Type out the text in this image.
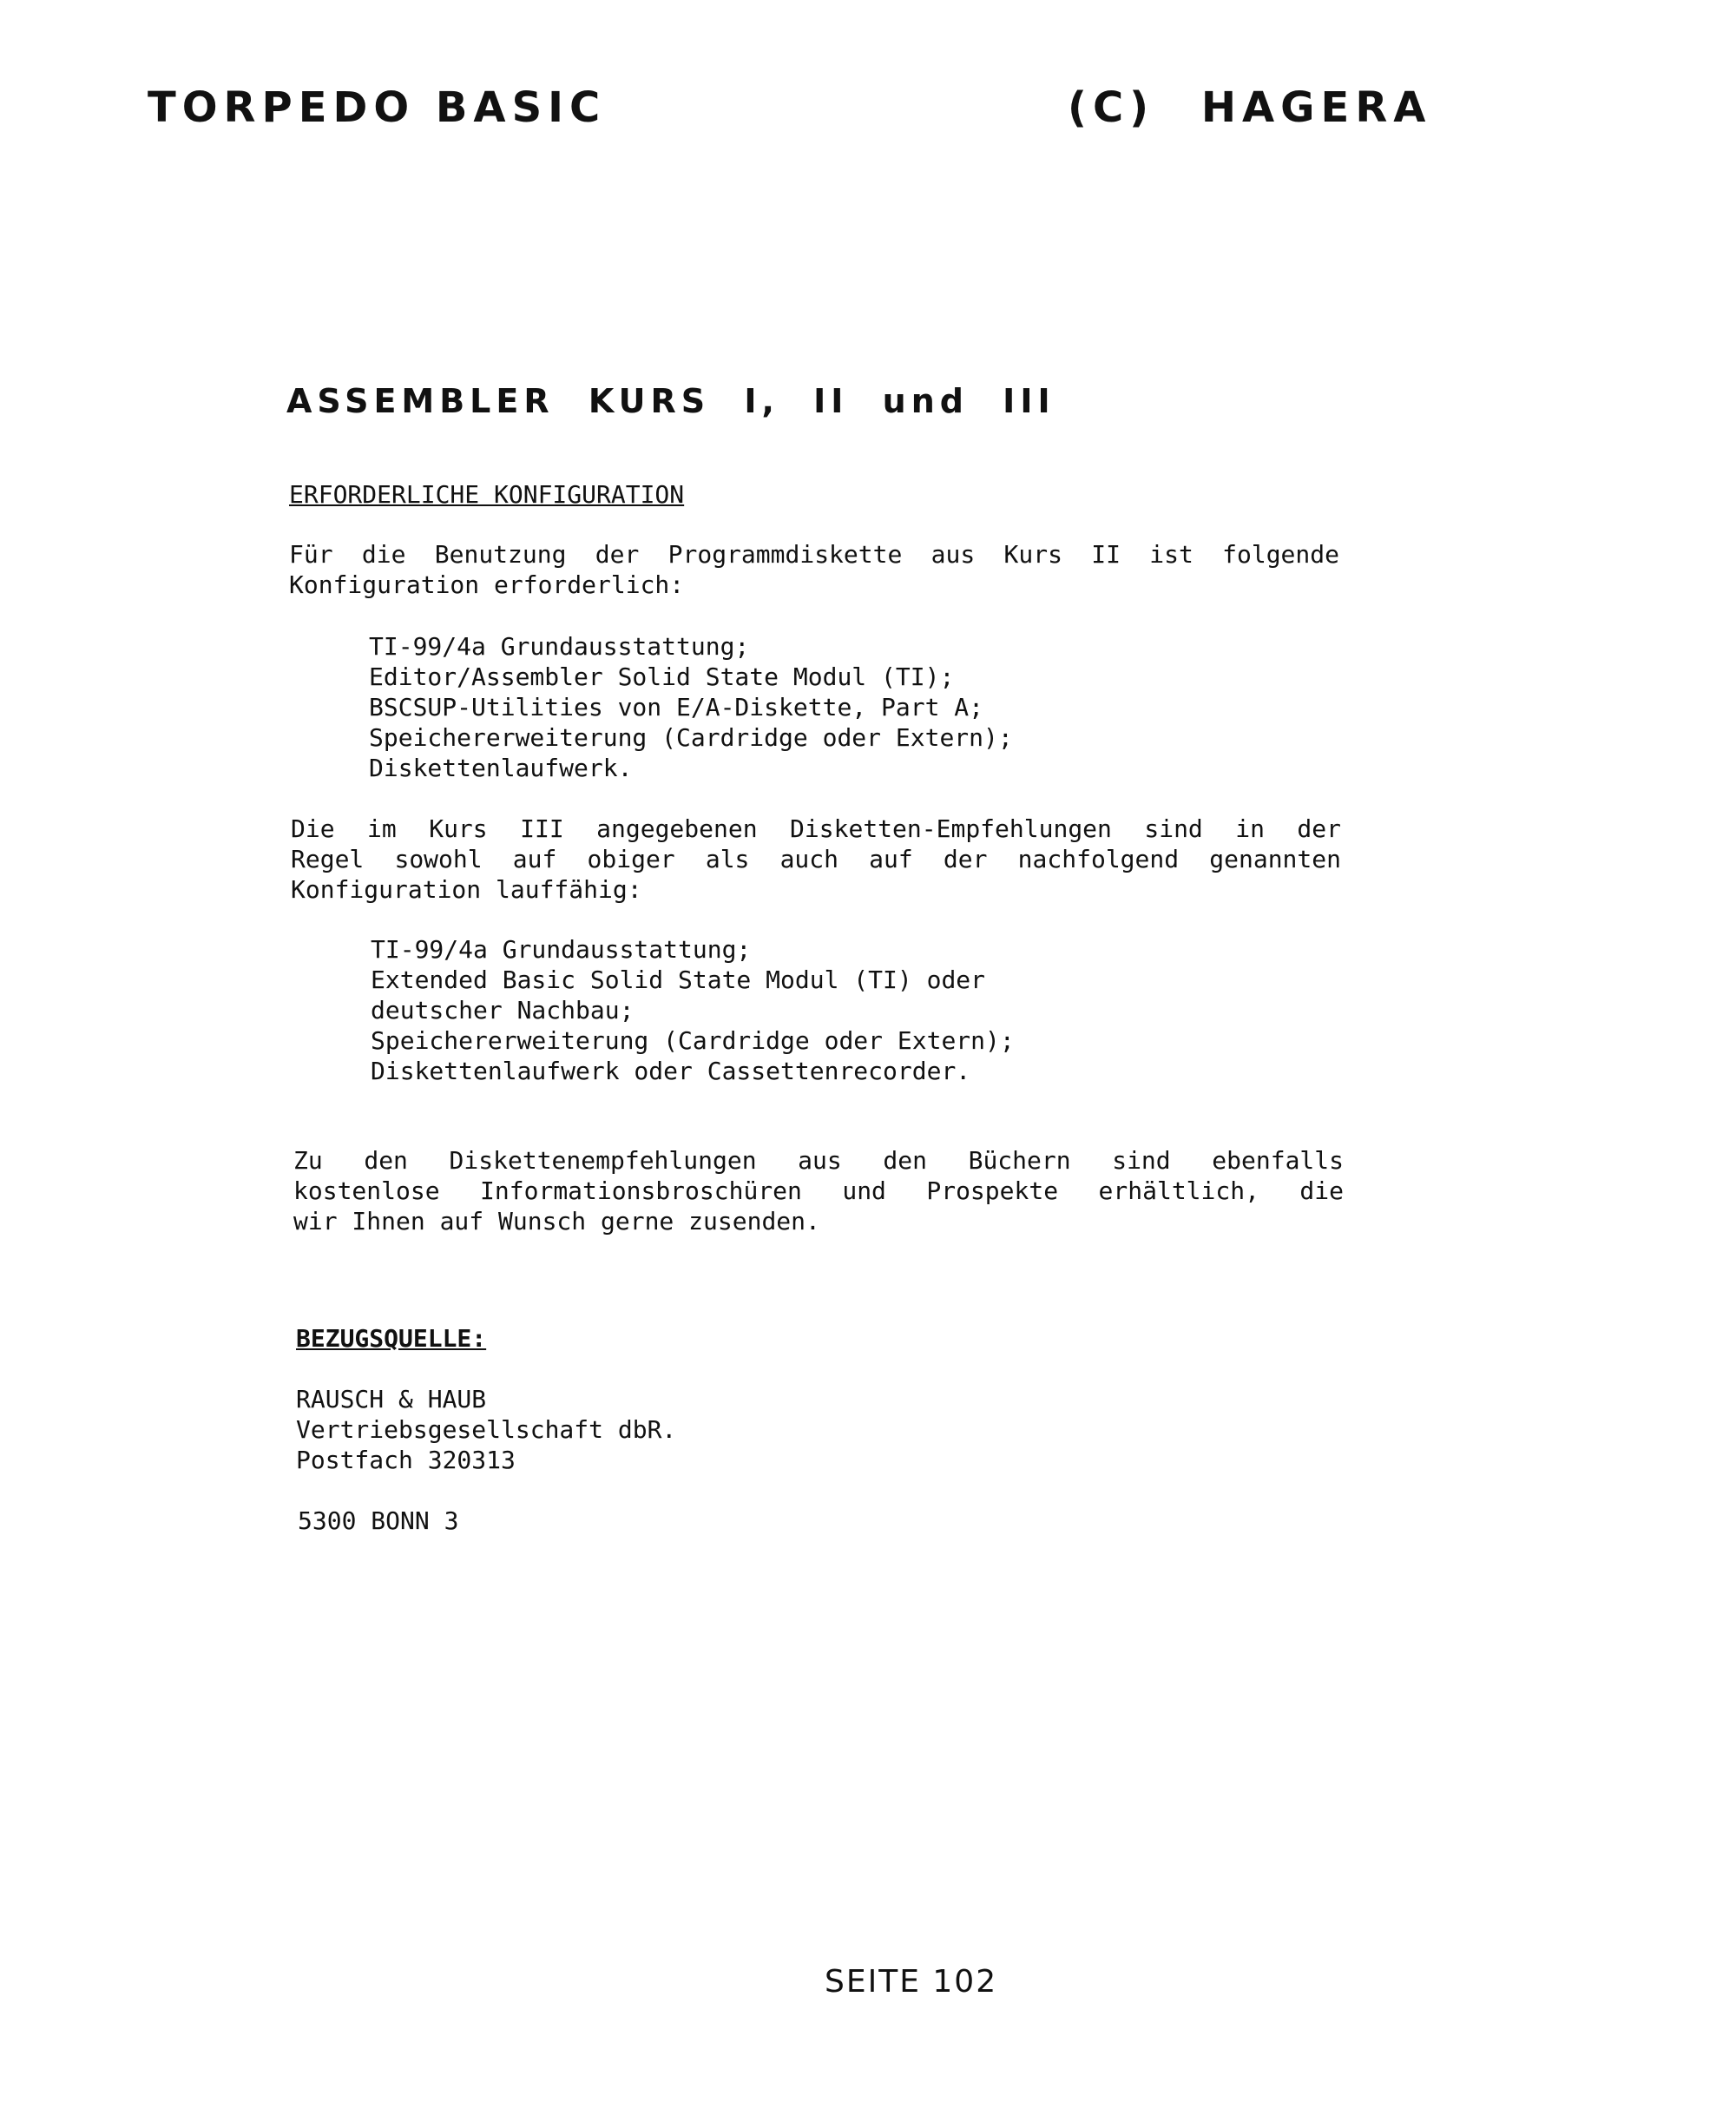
TORPEDO BASIC	(C) HAGERA
ASSEMBLER KURS I, II und III
ERFORDERLICHE KONFIGURATION
Für die Benutzung der Programmdiskette aus Kurs II ist folgende
Konfiguration erforderlich:
TI-99/4a Grundausstattung;
Editor/Assembler Solid State Modul (TI);
BSCSUP-Utilities von E/A-Diskette, Part A;
Speichererweiterung (Cardridge oder Extern);
Diskettenlaufwerk.
Die im Kurs III angegebenen Disketten-Empfehlungen sind in der
Regel sowohl auf obiger als auch auf der nachfolgend genannten
Konfiguration lauffähig:
TI-99/4a Grundausstattung;
Extended Basic Solid State Modul (TI) oder
deutscher Nachbau;
Speichererweiterung (Cardridge oder Extern);
Diskettenlaufwerk oder Cassettenrecorder.
Zu den Diskettenempfehlungen aus den Büchern sind ebenfalls
kostenlose Informationsbroschüren und Prospekte erhältlich, die
wir Ihnen auf Wunsch gerne zusenden.
BEZUGSQUELLE:
RAUSCH & HAUB
Vertriebsgesellschaft dbR.
Postfach 320313
5300 BONN 3
SEITE 102
